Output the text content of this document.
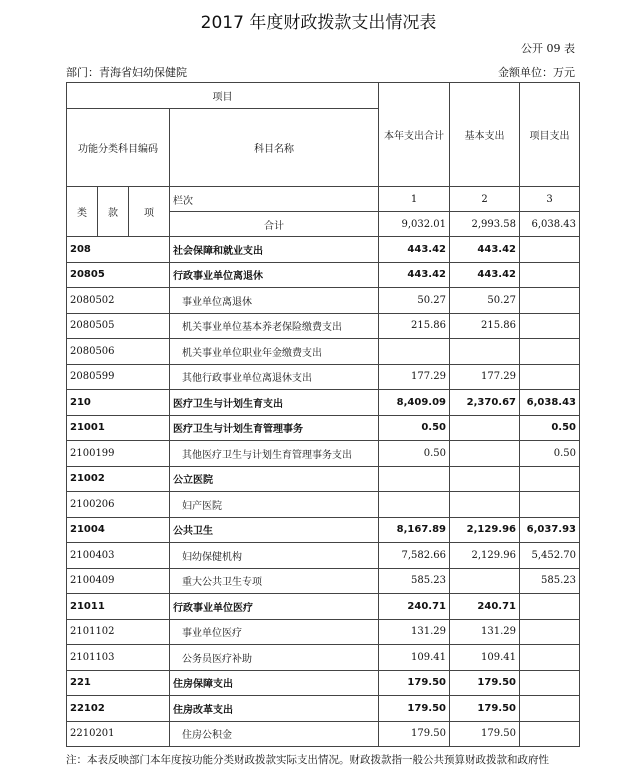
2017 年度财政拨款支出情况表
公开 09 表
部门：青海省妇幼保健院	金额单位：万元
项目				本年支出合计	基本支出	项目支出
功能分类科目编码			科目名称			

类	款	项	栏次	1	2	3
			合计	9,032.01	2,993.58	6,038.43
208			社会保障和就业支出	443.42	443.42	
20805			行政事业单位离退休	443.42	443.42	
2080502			事业单位离退休	50.27	50.27	
2080505			机关事业单位基本养老保险缴费支出	215.86	215.86	
2080506			机关事业单位职业年金缴费支出			
2080599			其他行政事业单位离退休支出	177.29	177.29	
210			医疗卫生与计划生育支出	8,409.09	2,370.67	6,038.43
21001			医疗卫生与计划生育管理事务	0.50		0.50
2100199			其他医疗卫生与计划生育管理事务支出	0.50		0.50
21002			公立医院			
2100206			妇产医院			
21004			公共卫生	8,167.89	2,129.96	6,037.93
2100403			妇幼保健机构	7,582.66	2,129.96	5,452.70
2100409			重大公共卫生专项	585.23		585.23
21011			行政事业单位医疗	240.71	240.71	
2101102			事业单位医疗	131.29	131.29	
2101103			公务员医疗补助	109.41	109.41	
221			住房保障支出	179.50	179.50	
22102			住房改革支出	179.50	179.50	
2210201			住房公积金	179.50	179.50	
注：本表反映部门本年度按功能分类财政拨款实际支出情况。财政拨款指一般公共预算财政拨款和政府性
